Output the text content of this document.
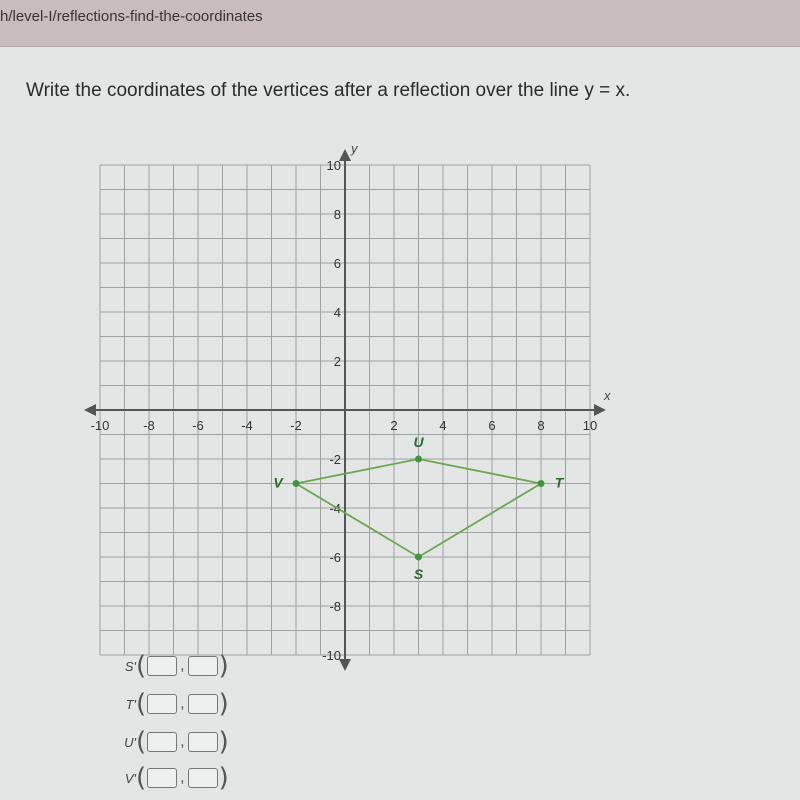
h/level-I/reflections-find-the-coordinates
Write the coordinates of the vertices after a reflection over the line y = x.
x
y
-10	-8	-6	-4	-2	2	4	6	8	10
10
8
6
4
2
-2
-4
-6
-8
-10
S
T
U
V
S' ( , )
T' ( , )
U' ( , )
V' ( , )
